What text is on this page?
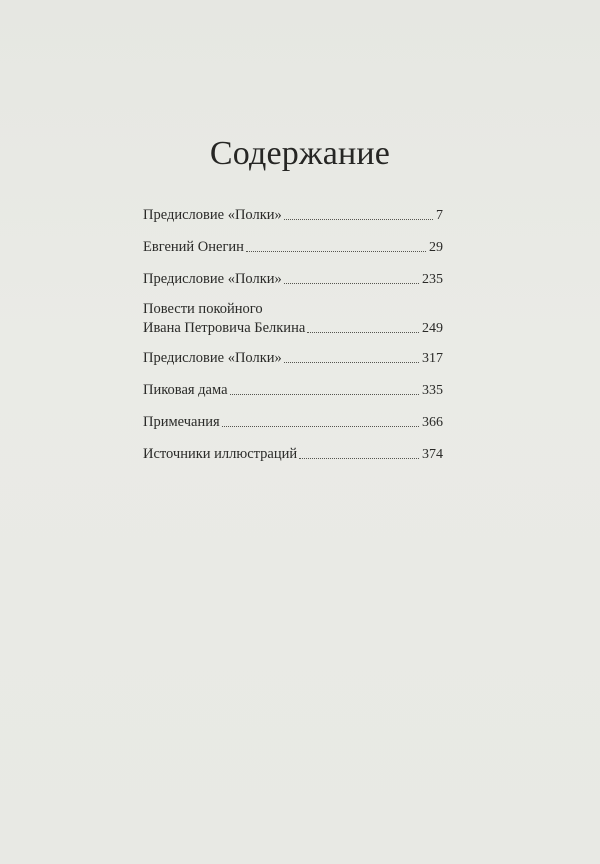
Содержание
Предисловие «Полки»	7
Евгений Онегин	29
Предисловие «Полки»	235
Повести покойного
Ивана Петровича Белкина	249
Предисловие «Полки»	317
Пиковая дама	335
Примечания	366
Источники иллюстраций	374
